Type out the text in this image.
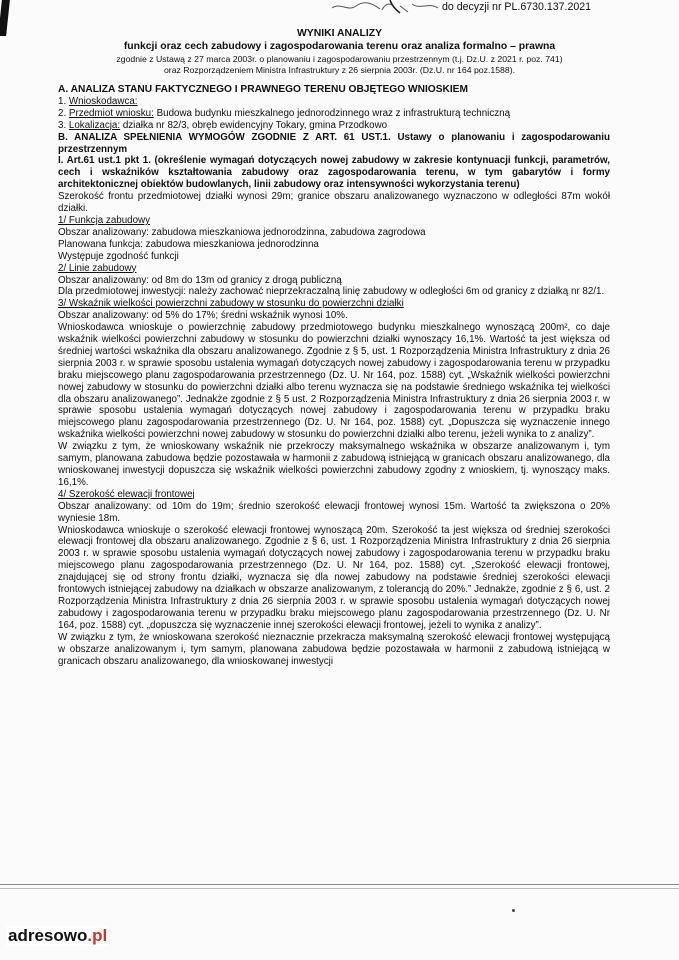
do decyzji nr PL.6730.137.2021
WYNIKI ANALIZY
funkcji oraz cech zabudowy i zagospodarowania terenu oraz analiza formalno – prawna
zgodnie z Ustawą z 27 marca 2003r. o planowaniu i zagospodarowaniu przestrzennym (t.j. Dz.U. z 2021 r. poz. 741)
oraz Rozporządzeniem Ministra Infrastruktury z 26 sierpnia 2003r. (Dz.U. nr 164 poz.1588).

A. ANALIZA STANU FAKTYCZNEGO I PRAWNEGO TERENU OBJĘTEGO WNIOSKIEM

1. Wnioskodawca:

2. Przedmiot wniosku: Budowa budynku mieszkalnego jednorodzinnego wraz z infrastrukturą techniczną

3. Lokalizacja: działka nr 82/3, obręb ewidencyjny Tokary, gmina Przodkowo

B. ANALIZA SPEŁNIENIA WYMOGÓW ZGODNIE Z ART. 61 UST.1. Ustawy o planowaniu i zagospodarowaniu przestrzennym

I. Art.61 ust.1 pkt 1. (określenie wymagań dotyczących nowej zabudowy w zakresie kontynuacji funkcji, parametrów, cech i wskaźników kształtowania zabudowy oraz zagospodarowania terenu, w tym gabarytów i formy architektonicznej obiektów budowlanych, linii zabudowy oraz intensywności wykorzystania terenu)

Szerokość frontu przedmiotowej działki wynosi 29m; granice obszaru analizowanego wyznaczono w odległości 87m wokół działki.

1/ Funkcja zabudowy

Obszar analizowany: zabudowa mieszkaniowa jednorodzinna, zabudowa zagrodowa

Planowana funkcja: zabudowa mieszkaniowa jednorodzinna

Występuje zgodność funkcji

2/ Linie zabudowy

Obszar analizowany: od 8m do 13m od granicy z drogą publiczną

Dla przedmiotowej inwestycji: należy zachować nieprzekraczalną linię zabudowy w odległości 6m od granicy z działką nr 82/1.

3/ Wskaźnik wielkości powierzchni zabudowy w stosunku do powierzchni działki

Obszar analizowany: od 5% do 17%; średni wskaźnik wynosi 10%.

Wnioskodawca wnioskuje o powierzchnię zabudowy przedmiotowego budynku mieszkalnego wynoszącą 200m², co daje wskaźnik wielkości powierzchni zabudowy w stosunku do powierzchni działki wynoszący 16,1%. Wartość ta jest większa od średniej wartości wskaźnika dla obszaru analizowanego. Zgodnie z § 5, ust. 1 Rozporządzenia Ministra Infrastruktury z dnia 26 sierpnia 2003 r. w sprawie sposobu ustalenia wymagań dotyczących nowej zabudowy i zagospodarowania terenu w przypadku braku miejscowego planu zagospodarowania przestrzennego (Dz. U. Nr 164, poz. 1588) cyt. „Wskaźnik wielkości powierzchni nowej zabudowy w stosunku do powierzchni działki albo terenu wyznacza się na podstawie średniego wskaźnika tej wielkości dla obszaru analizowanego”. Jednakże zgodnie z § 5 ust. 2 Rozporządzenia Ministra Infrastruktury z dnia 26 sierpnia 2003 r. w sprawie sposobu ustalenia wymagań dotyczących nowej zabudowy i zagospodarowania terenu w przypadku braku miejscowego planu zagospodarowania przestrzennego (Dz. U. Nr 164, poz. 1588) cyt. „Dopuszcza się wyznaczenie innego wskaźnika wielkości powierzchni nowej zabudowy w stosunku do powierzchni działki albo terenu, jeżeli wynika to z analizy”.

W związku z tym, że wnioskowany wskaźnik nie przekroczy maksymalnego wskaźnika w obszarze analizowanym i, tym samym, planowana zabudowa będzie pozostawała w harmonii z zabudową istniejącą w granicach obszaru analizowanego, dla wnioskowanej inwestycji dopuszcza się wskaźnik wielkości powierzchni zabudowy zgodny z wnioskiem, tj. wynoszący maks. 16,1%.

4/ Szerokość elewacji frontowej

Obszar analizowany: od 10m do 19m; średnio szerokość elewacji frontowej wynosi 15m. Wartość ta zwiększona o 20% wyniesie 18m.

Wnioskodawca wnioskuje o szerokość elewacji frontowej wynoszącą 20m. Szerokość ta jest większa od średniej szerokości elewacji frontowej dla obszaru analizowanego. Zgodnie z § 6, ust. 1 Rozporządzenia Ministra Infrastruktury z dnia 26 sierpnia 2003 r. w sprawie sposobu ustalenia wymagań dotyczących nowej zabudowy i zagospodarowania terenu w przypadku braku miejscowego planu zagospodarowania przestrzennego (Dz. U. Nr 164, poz. 1588) cyt. „Szerokość elewacji frontowej, znajdującej się od strony frontu działki, wyznacza się dla nowej zabudowy na podstawie średniej szerokości elewacji frontowych istniejącej zabudowy na działkach w obszarze analizowanym, z tolerancją do 20%.” Jednakże, zgodnie z § 6, ust. 2 Rozporządzenia Ministra Infrastruktury z dnia 26 sierpnia 2003 r. w sprawie sposobu ustalenia wymagań dotyczących nowej zabudowy i zagospodarowania terenu w przypadku braku miejscowego planu zagospodarowania przestrzennego (Dz. U. Nr 164, poz. 1588) cyt. „dopuszcza się wyznaczenie innej szerokości elewacji frontowej, jeżeli to wynika z analizy”.

W związku z tym, że wnioskowana szerokość nieznacznie przekracza maksymalną szerokość elewacji frontowej występującą w obszarze analizowanym i, tym samym, planowana zabudowa będzie pozostawała w harmonii z zabudową istniejącą w granicach obszaru analizowanego, dla wnioskowanej inwestycji

adresowo.pl
